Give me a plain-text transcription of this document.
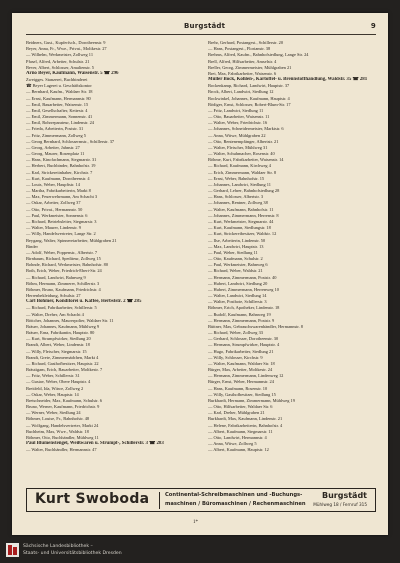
Burgstädt	9
Beidners, Gust., Kupferfsch., Dorotheenstr. 9
Beyer, Anna, Fr., Wwe., Privat., Moltkestr. 27
— Wilhelm, Werkmeister, Zollweg 11
Pfasel, Alfred, Arbeiter, Schulstr. 21
Bever, Albert, Schlosser, Amalienstr. 5
Arno Beyer, Kaufmann, Waisenstr. 5 ☎ 296
Zweigges. Stanzerei, Buchbinderei
☎ Beyer Lagerei u. Geschäftskontor
— Bernhard, Kaufm., Waldaer Str. 18
— Ernst, Kaufmann, Hermannstr. 80
— Emil, Bauarbeiter, Waisenstr. 15
— Emil, Gesellschafter, Kettestr. 4
— Emil, Zimmermann, Sonnenstr. 41
— Emil, Rohrreparateur, Lindenstr. 24
— Frieda, Arbeiterin, Poststr. 31
— Fritz, Zimmermann, Zollweg 5
— Georg Bernhard, Schlossermstr., Schillerstr. 37
— Georg, Arbeiter, Jahnstr. 27
— Georg, Maurer, Rosenplatz 11
— Hans, Kinofachmann, Siegmarstr. 31
— Herbert, Buchbinder, Bahnhofstr. 19
— Karl, Strickereiinhaber, Kirchstr. 7
— Kurt, Kaufmann, Dorotheenstr. 4
— Louis, Weber, Haupftstr. 14
— Martha, Fabrikarbeiterin, Markt 8
— Max, Feuerwehrmann, Am Schacht 3
— Oskar, Arbeiter, Zollweg 37
— Otto, Privat., Hermannstr. 50
— Paul, Werkmeister, Sonnenstr. 6
— Richard, Betriebsleiter, Siegmarstr. 3
— Walter, Maurer, Lindenstr. 9
— Willy, Handelsvertreter, Lange Str. 2
Beygang, Walter, Spinnereiarbeiter, Mühlgraben 21
Binder
— Adolf, Weber, Poppenstr., Albertstr. 7
Birnbaum, Richard, Spediteur, Zollweg 15
Bohnde, Richard, Werkmeister, Bahnhofstr. 80
Both, Erich, Weber, Friedrich-Ebert-Str. 24
— Richard, Landwirt, Bahnweg 9
Böhm, Hermann, Zimmerer, Schillerstr. 3
Böhmer, Bruno, Kaufmann, Friedrichstr. 4
Herrenbekleidung, Schulstr. 27
Carl Böhmer, Konditorei u. Kaffee, Herbststr. 2 ☎ 285
— Richard, Fabrikarbeiter, Schillerstr. 5
— Walter, Dreher, Am Schacht 4
Böttcher, Johannes, Maurerpolier, Waldaer Str. 11
Bräuer, Johannes, Kaufmann, Mühlweg 9
Bräuer, Erna, Fabrikantin, Hauptstr. 80
— Kurt, Strumpfwirker, Siedlung 20
Brandt, Albert, Weber, Lindenstr. 18
— Willy, Fleischer, Siegmarstr. 15
Brandt, Grete, Zimmermädchen, Markt 4
— Richard, Gasthofbesitzer, Hauptstr. 22
Bräutigam, Erich, Bauarbeiter, Moltkestr. 7
— Fritz, Weber, Schillerstr. 31
— Gustav, Weber, Obere Hauptstr. 4
Breitfeld, Ida, Witwe, Zollweg 2
— Oskar, Weber, Hauptstr. 14
Bretschneider, Max, Kaufmann, Schulstr. 6
Bruno, Werner, Kaufmann, Friedrichstr. 9
— Werner, Weber, Siedlung 24
Böhmer, Louise, Fr., Bahnhofstr. 48
— Wolfgang, Handelsvertreter, Markt 24
Buchheim, Max, Wwe., Waldstr. 18
Böhmer, Otto, Buchhändler, Mühlweg 11
Paul Blumenstengel, Weißwaren u. Strumpf-, Schillerstr. 3 ☎ 283
— Walter, Buchhändler, Hermannstr. 47
Brehr, Gerhard, Postangest., Schillerstr. 20
— Hans, Postangest., Florianstr. 38
Brehms, Alfred, Kaufm., Bahnhofsiedlung, Lange Str. 24
Brell, Alfred, Hilfsarbeiter, Amselstr. 4
Breller, Georg, Zimmermeister, Mühlgraben 21
Brei, Max, Fabrikarbeiter, Waisenstr. 6
Müller Bock, Kohlen-, Kartoffel- u. Brennstoffhandlung, Waldstr. 35 ☎ 281
Bockenkamp, Richard, Landwirt, Hauptstr. 37
Brock, Albert, Landwirt, Siedlung 12
Bockwinkel, Johannes, Kaufmann, Hauptstr. 4
Bödiger, Ernst, Schlosser, Robert-Blum-Str. 17
— Fritz, Landwirt, Siedlung 11
— Otto, Bauarbeiter, Waisenstr. 11
— Walter, Weber, Friedrichstr. 16
— Johannes, Schneidermeister, Marktstr. 6
— Anna, Witwe, Mühlgraben 22
— Otto, Rentenempfänger, Albertstr. 21
— Walter, Fleischer, Mühlweg 31
— Walter, Schuhmacher, Rosenstr. 40
Böhme, Kurt, Fabrikarbeiter, Waisenstr. 14
— Richard, Kaufmann, Kirchweg 4
— Erich, Zimmermann, Waldaer Str. 8
— Ernst, Weber, Bahnhofstr. 15
— Johannes, Landwirt, Siedlung 11
— Gerhard, Lehrer, Bahnhofsiedlung 28
— Hans, Schlosser, Albertstr. 3
— Johannes, Rentner, Zollweg 38
— Walter, Kaufmann, Bahnhofstr. 11
— Johannes, Zimmermann, Herrenstr. 8
— Kurt, Werkmeister, Siegmarstr. 44
— Kurt, Kaufmann, Siedlungstr. 18
— Kurt, Strickereibesitzer, Waldstr. 12
— Ilse, Arbeiterin, Lindenstr. 50
— Max, Landwirt, Hauptstr. 13
— Paul, Weber, Siedlung 11
— Otto, Kaufmann, Schulstr. 2
— Paul, Werkmeister, Bahnweg 6
— Richard, Weber, Waldstr. 21
— Hermann, Zimmermann, Poststr. 40
— Hubert, Landwirt, Siedlung 20
— Hubert, Zimmermann, Herrenweg 10
— Walter, Landwirt, Siedlung 14
— Walter, Postbote, Schillerstr. 3
Böhmer, Erich, Apotheker, Lindenstr. 18
— Rudolf, Kaufmann, Bahnweg 19
— Hermann, Zimmermann, Poststr. 9
Büttner, Max, Gebrauchswarenhändler, Hermannstr. 8
— Richard, Weber, Zollweg 33
— Gerhard, Schlosser, Dorotheenstr. 30
— Hermann, Strumpfwirker, Hauptstr. 4
— Hugo, Fabrikarbeiter, Siedlung 21
— Willy, Schlosser, Kirchstr. 9
— Walter, Kaufmann, Waldaer Str. 18
Bürger, Max, Arbeiter, Moltkestr. 24
— Hermann, Zimmermann, Lindenweg 12
Bürger, Ernst, Weber, Hermannstr. 24
— Hans, Kaufmann, Rosenstr. 10
— Willy, Gasthofbesitzer, Siedlung 15
Burkhardt, Hermann, Zimmermann, Mühlweg 19
— Otto, Hilfsarbeiter, Waldaer Str. 6
— Karl, Dreher, Mühlgraben 21
Burkhardt, Max, Kaufmann, Lindenstr. 21
— Helene, Fabrikarbeiterin, Bahnhofstr. 4
— Albert, Kaufmann, Siegmarstr. 11
— Otto, Landwirt, Hermannstr. 4
— Anna, Witwe, Zollweg 5
— Albert, Kaufmann, Hauptstr. 12
Kurt Swoboda	Continental-Schreibmaschinen und -Buchungs-
maschinen / Büromaschinen / Rechenmaschinen
Burgstädt
Mühlweg 18 / Fernruf 315
1*
Sächsische Landesbibliothek –
Staats- und Universitätsbibliothek Dresden
